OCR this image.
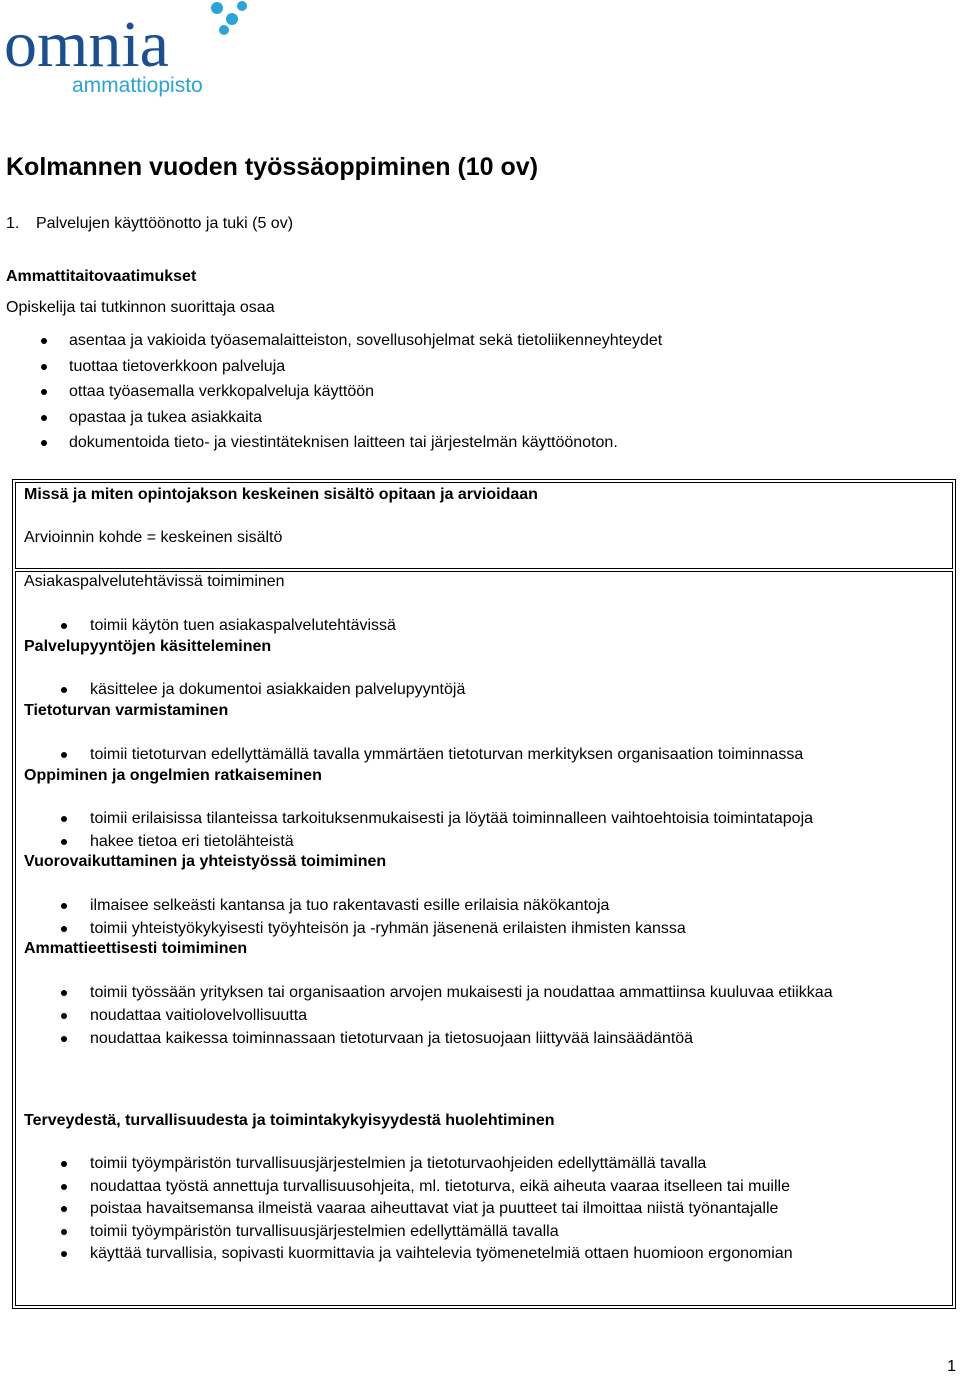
omnia
ammattiopisto
Kolmannen vuoden työssäoppiminen (10 ov)
1. Palvelujen käyttöönotto ja tuki (5 ov)
Ammattitaitovaatimukset
Opiskelija tai tutkinnon suorittaja osaa
asentaa ja vakioida työasemalaitteiston, sovellusohjelmat sekä tietoliikenneyhteydet
tuottaa tietoverkkoon palveluja
ottaa työasemalla verkkopalveluja käyttöön
opastaa ja tukea asiakkaita
dokumentoida tieto- ja viestintäteknisen laitteen tai järjestelmän käyttöönoton.
Missä ja miten opintojakson keskeinen sisältö opitaan ja arvioidaan
Arvioinnin kohde = keskeinen sisältö
Asiakaspalvelutehtävissä toimiminen
toimii käytön tuen asiakaspalvelutehtävissä
Palvelupyyntöjen käsitteleminen
käsittelee ja dokumentoi asiakkaiden palvelupyyntöjä
Tietoturvan varmistaminen
toimii tietoturvan edellyttämällä tavalla ymmärtäen tietoturvan merkityksen organisaation toiminnassa
Oppiminen ja ongelmien ratkaiseminen
toimii erilaisissa tilanteissa tarkoituksenmukaisesti ja löytää toiminnalleen vaihtoehtoisia toimintatapoja
hakee tietoa eri tietolähteistä
Vuorovaikuttaminen ja yhteistyössä toimiminen
ilmaisee selkeästi kantansa ja tuo rakentavasti esille erilaisia näkökantoja
toimii yhteistyökykyisesti työyhteisön ja -ryhmän jäsenenä erilaisten ihmisten kanssa
Ammattieettisesti toimiminen
toimii työssään yrityksen tai organisaation arvojen mukaisesti ja noudattaa ammattiinsa kuuluvaa etiikkaa
noudattaa vaitiolovelvollisuutta
noudattaa kaikessa toiminnassaan tietoturvaan ja tietosuojaan liittyvää lainsäädäntöä
Terveydestä, turvallisuudesta ja toimintakykyisyydestä huolehtiminen
toimii työympäristön turvallisuusjärjestelmien ja tietoturvaohjeiden edellyttämällä tavalla
noudattaa työstä annettuja turvallisuusohjeita, ml. tietoturva, eikä aiheuta vaaraa itselleen tai muille
poistaa havaitsemansa ilmeistä vaaraa aiheuttavat viat ja puutteet tai ilmoittaa niistä työnantajalle
toimii työympäristön turvallisuusjärjestelmien edellyttämällä tavalla
käyttää turvallisia, sopivasti kuormittavia ja vaihtelevia työmenetelmiä ottaen huomioon ergonomian
1
